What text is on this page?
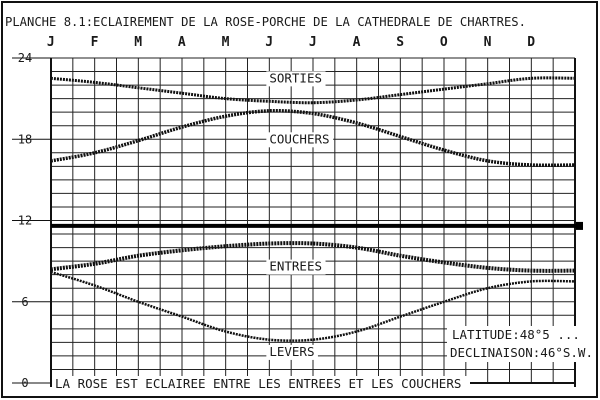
24
18
12
6
0
J	F	M	A	M	J	J	A	S	O	N	D
SORTIES
COUCHERS
ENTREES
LEVERS
PLANCHE 8.1:ECLAIREMENT DE LA ROSE-PORCHE DE LA CATHEDRALE DE CHARTRES.
LATITUDE:48°5 ...
DECLINAISON:46°S.W.
LA ROSE EST ECLAIREE ENTRE LES ENTREES ET LES COUCHERS
